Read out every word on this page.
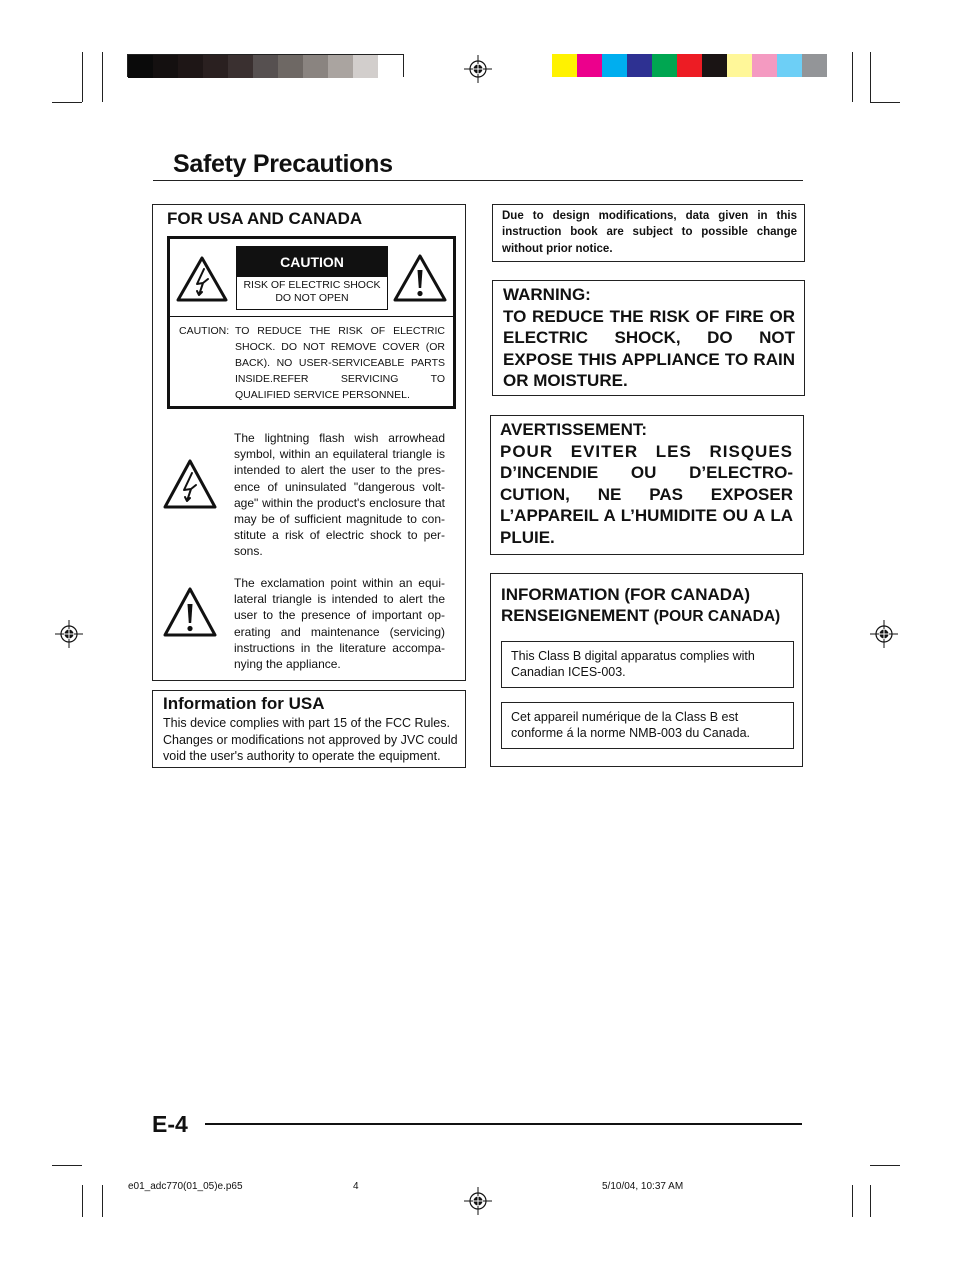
Safety Precautions
FOR USA AND CANADA
CAUTION
RISK OF ELECTRIC SHOCK
DO NOT OPEN
CAUTION: TO REDUCE THE RISK OF ELECTRIC
SHOCK. DO NOT REMOVE COVER (OR
BACK). NO USER-SERVICEABLE PARTS
INSIDE.REFER SERVICING TO
QUALIFIED SERVICE PERSONNEL.
The lightning flash wish arrowhead symbol, within an equilateral triangle is intended to alert the user to the pres- ence of uninsulated "dangerous volt- age" within the product's enclosure that may be of sufficient magnitude to con- stitute a risk of electric shock to per- sons.
The exclamation point within an equi- lateral triangle is intended to alert the user to the presence of important op- erating and maintenance (servicing) instructions in the literature accompa- nying the appliance.
Information for USA
This device complies with part 15 of the FCC Rules. Changes or modifications not approved by JVC could void the user's authority to operate the equipment.
Due to design modifications, data given in this instruction book are subject to possible change without prior notice.
WARNING:
TO REDUCE THE RISK OF FIRE OR
ELECTRIC SHOCK, DO NOT
EXPOSE THIS APPLIANCE TO RAIN
OR MOISTURE.
AVERTISSEMENT:
POUR EVITER LES RISQUES
D’INCENDIE OU D’ELECTRO-
CUTION, NE PAS EXPOSER
L’APPAREIL A L’HUMIDITE OU A LA
PLUIE.
INFORMATION (FOR CANADA)
RENSEIGNEMENT (POUR CANADA)
This Class B digital apparatus complies with Canadian ICES-003.
Cet appareil numérique de la Class B est conforme á la norme NMB-003 du Canada.
E-4
e01_adc770(01_05)e.p65	4	5/10/04, 10:37 AM
